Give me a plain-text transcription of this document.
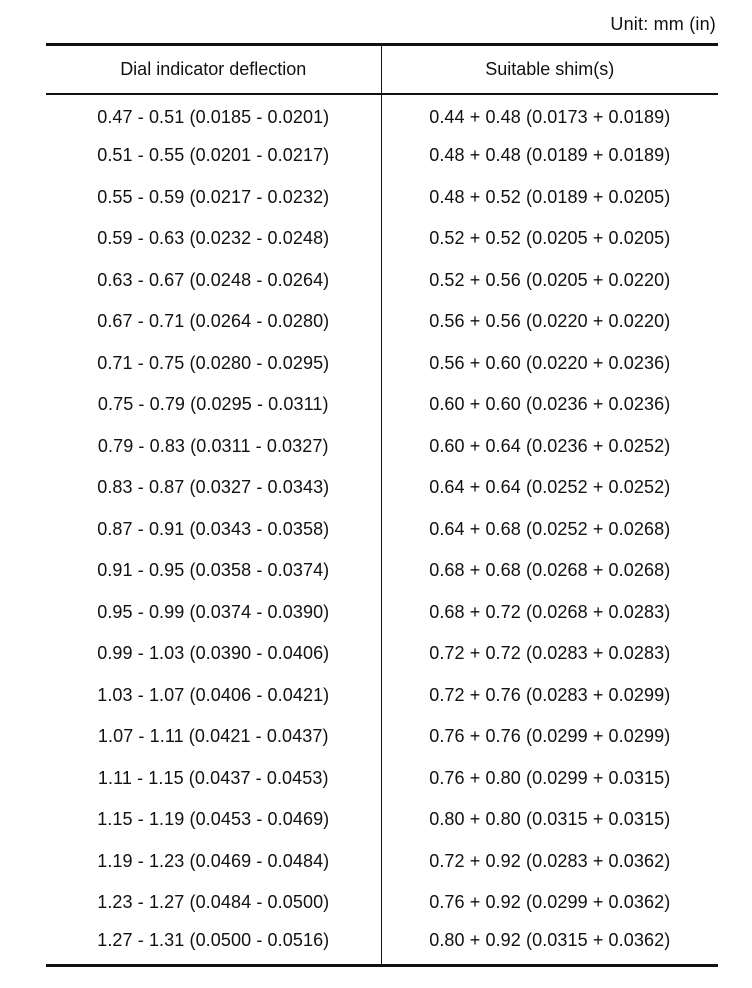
Unit: mm (in)
Dial indicator deflection	Suitable shim(s)
0.47 - 0.51 (0.0185 - 0.0201)	0.44 + 0.48 (0.0173 + 0.0189)
0.51 - 0.55 (0.0201 - 0.0217)	0.48 + 0.48 (0.0189 + 0.0189)
0.55 - 0.59 (0.0217 - 0.0232)	0.48 + 0.52 (0.0189 + 0.0205)
0.59 - 0.63 (0.0232 - 0.0248)	0.52 + 0.52 (0.0205 + 0.0205)
0.63 - 0.67 (0.0248 - 0.0264)	0.52 + 0.56 (0.0205 + 0.0220)
0.67 - 0.71 (0.0264 - 0.0280)	0.56 + 0.56 (0.0220 + 0.0220)
0.71 - 0.75 (0.0280 - 0.0295)	0.56 + 0.60 (0.0220 + 0.0236)
0.75 - 0.79 (0.0295 - 0.0311)	0.60 + 0.60 (0.0236 + 0.0236)
0.79 - 0.83 (0.0311 - 0.0327)	0.60 + 0.64 (0.0236 + 0.0252)
0.83 - 0.87 (0.0327 - 0.0343)	0.64 + 0.64 (0.0252 + 0.0252)
0.87 - 0.91 (0.0343 - 0.0358)	0.64 + 0.68 (0.0252 + 0.0268)
0.91 - 0.95 (0.0358 - 0.0374)	0.68 + 0.68 (0.0268 + 0.0268)
0.95 - 0.99 (0.0374 - 0.0390)	0.68 + 0.72 (0.0268 + 0.0283)
0.99 - 1.03 (0.0390 - 0.0406)	0.72 + 0.72 (0.0283 + 0.0283)
1.03 - 1.07 (0.0406 - 0.0421)	0.72 + 0.76 (0.0283 + 0.0299)
1.07 - 1.11 (0.0421 - 0.0437)	0.76 + 0.76 (0.0299 + 0.0299)
1.11 - 1.15 (0.0437 - 0.0453)	0.76 + 0.80 (0.0299 + 0.0315)
1.15 - 1.19 (0.0453 - 0.0469)	0.80 + 0.80 (0.0315 + 0.0315)
1.19 - 1.23 (0.0469 - 0.0484)	0.72 + 0.92 (0.0283 + 0.0362)
1.23 - 1.27 (0.0484 - 0.0500)	0.76 + 0.92 (0.0299 + 0.0362)
1.27 - 1.31 (0.0500 - 0.0516)	0.80 + 0.92 (0.0315 + 0.0362)
